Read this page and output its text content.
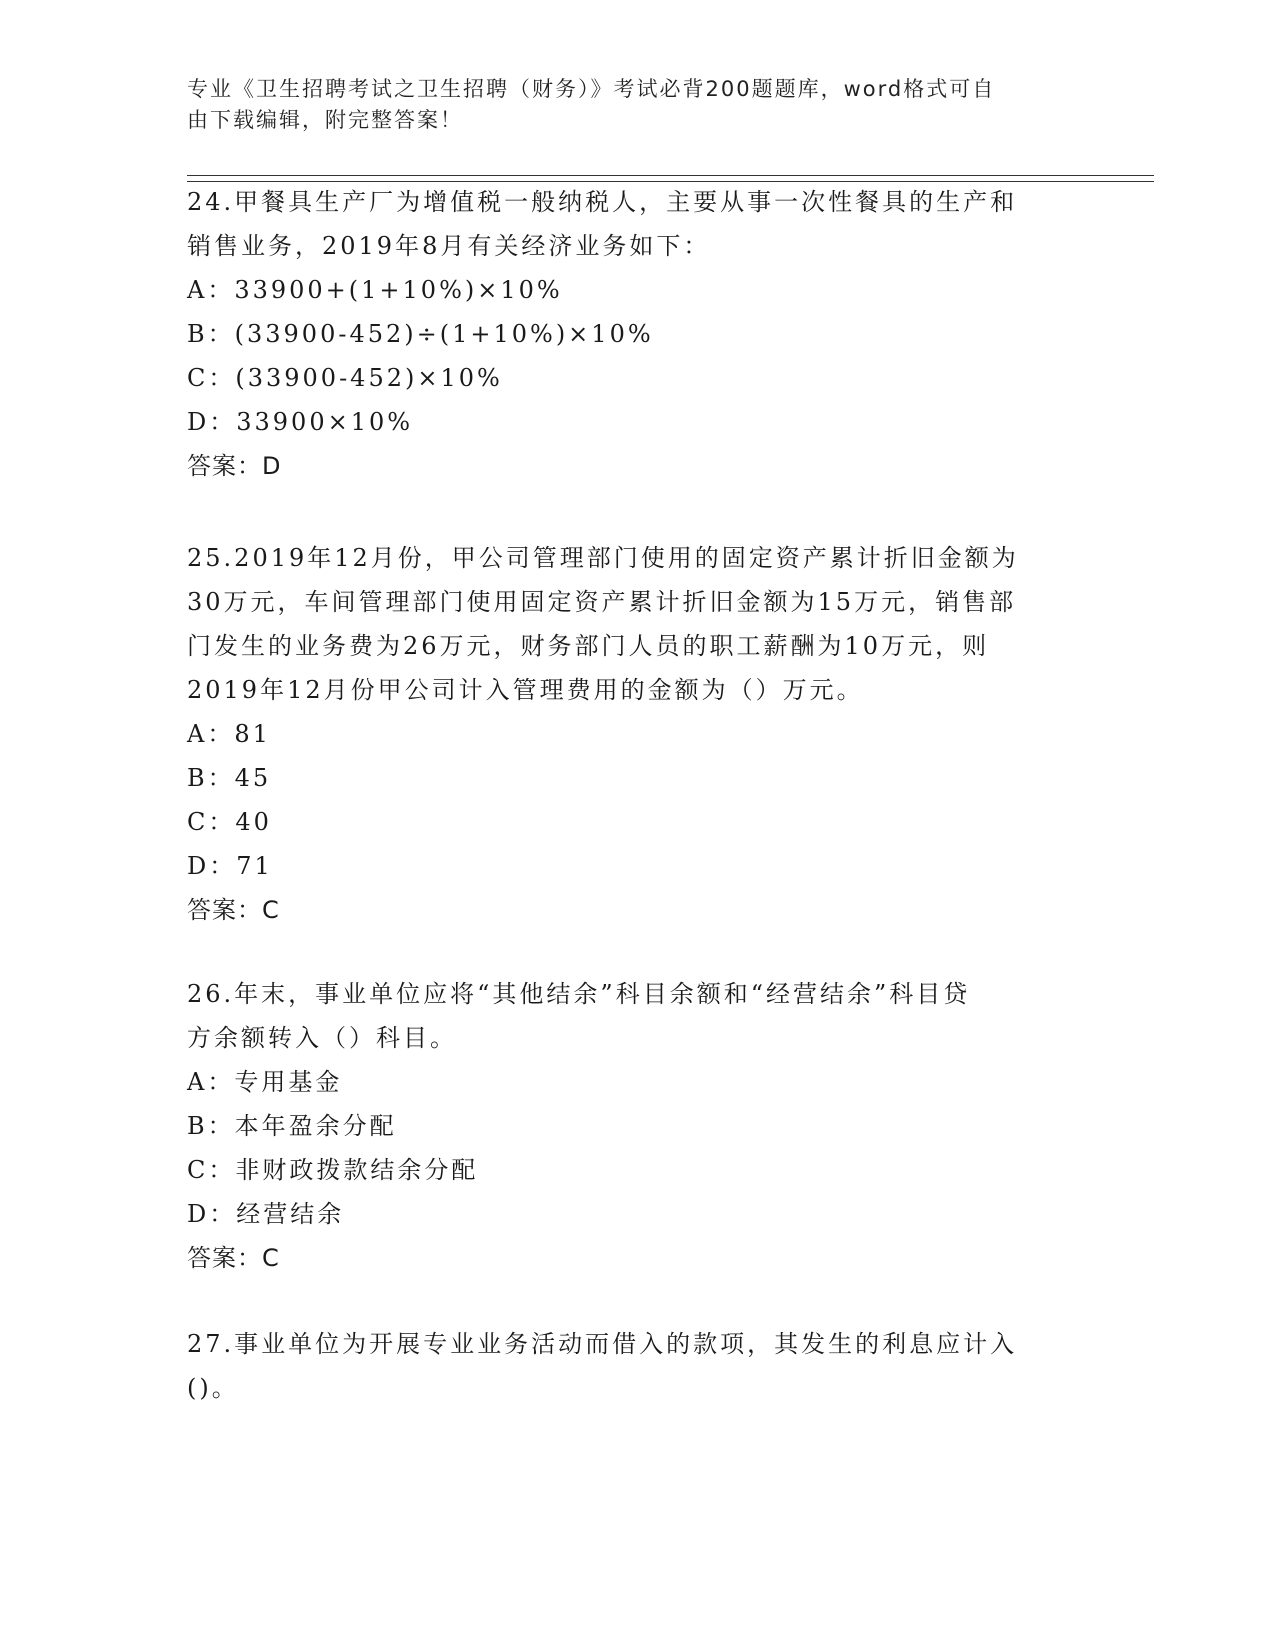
专业《卫生招聘考试之卫生招聘（财务）》考试必背200题题库，word格式可自
由下载编辑，附完整答案！
24.甲餐具生产厂为增值税一般纳税人，主要从事一次性餐具的生产和
销售业务，2019年8月有关经济业务如下：
A：33900+(1+10%)×10%
B：(33900-452)÷(1+10%)×10%
C：(33900-452)×10%
D：33900×10%
答案：D
25.2019年12月份，甲公司管理部门使用的固定资产累计折旧金额为
30万元，车间管理部门使用固定资产累计折旧金额为15万元，销售部
门发生的业务费为26万元，财务部门人员的职工薪酬为10万元，则
2019年12月份甲公司计入管理费用的金额为（）万元。
A：81
B：45
C：40
D：71
答案：C
26.年末，事业单位应将“其他结余”科目余额和“经营结余”科目贷
方余额转入（）科目。
A：专用基金
B：本年盈余分配
C：非财政拨款结余分配
D：经营结余
答案：C
27.事业单位为开展专业业务活动而借入的款项，其发生的利息应计入
()。
